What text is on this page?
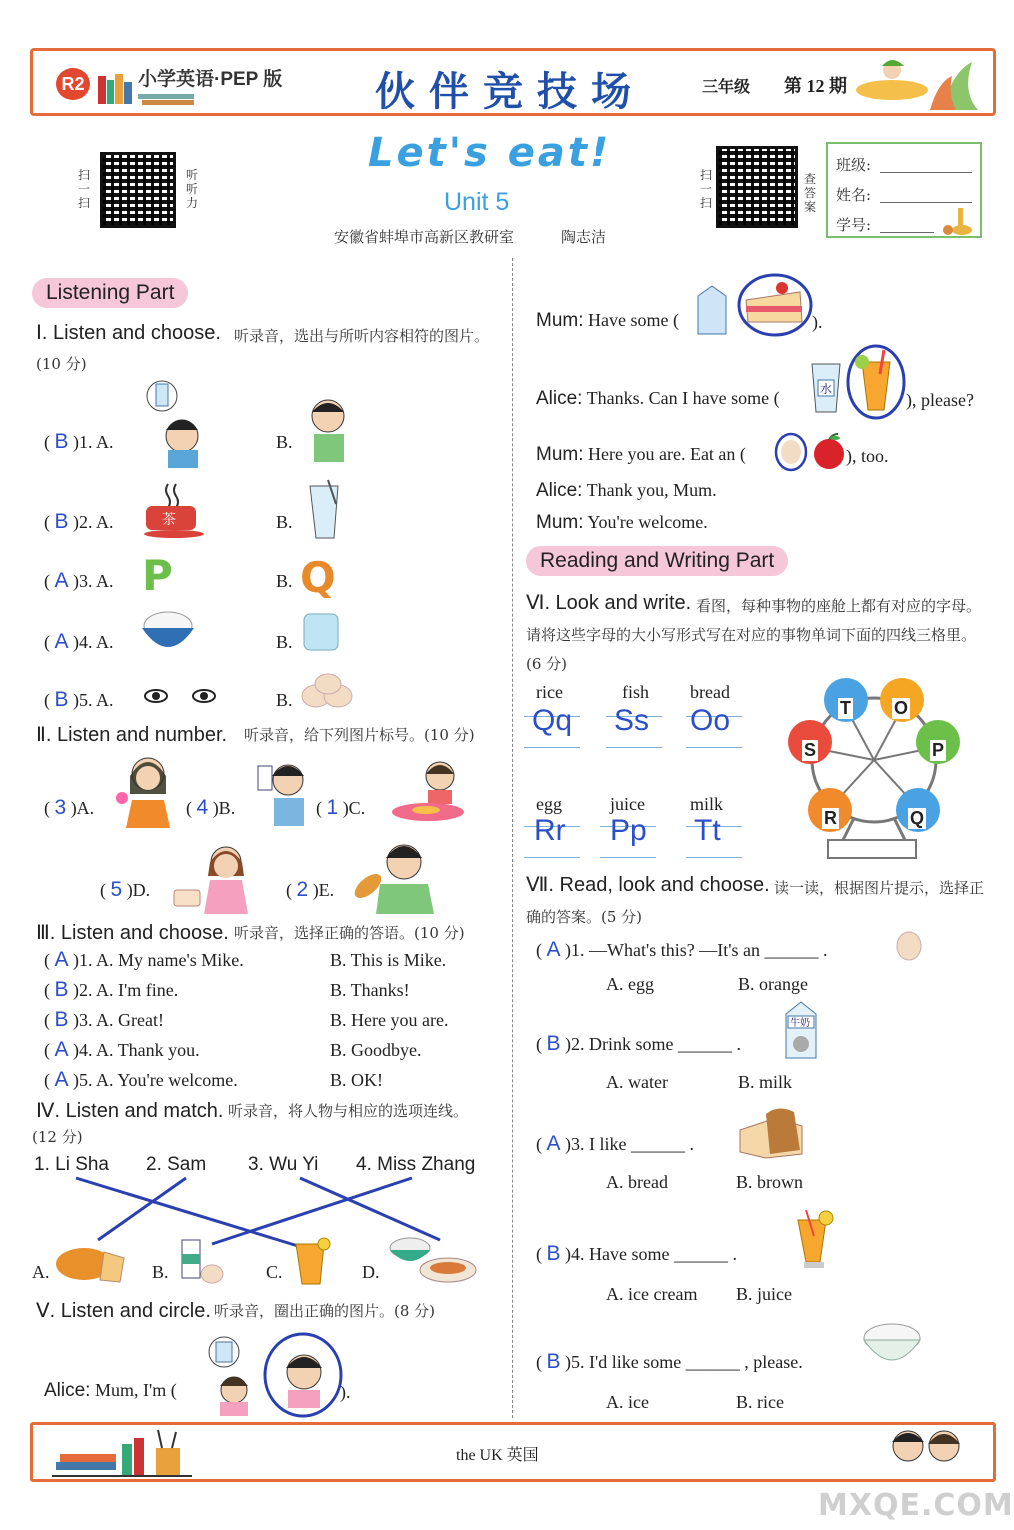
R2	小学英语·PEP 版 伙伴竞技场	三年级 第 12 期
扫一扫
听听力
Let's eat!
Unit 5
安徽省蚌埠市高新区教研室	陶志洁
扫一扫
查答案
班级:
姓名:
学号:
Listening Part
Ⅰ. Listen and choose. 听录音，选出与所听内容相符的图片。(10 分)
( B )1. A.	B.
( B )2. A.	B.
茶
( A )3. A.	B.
P	Q
( A )4. A.	B.
( B )5. A.	B.
Ⅱ. Listen and number. 听录音，给下列图片标号。(10 分)
( 3 )A.	( 4 )B.	( 1 )C.
( 5 )D.	( 2 )E.
Ⅲ. Listen and choose. 听录音，选择正确的答语。(10 分)
( A )1. A. My name's Mike.	B. This is Mike.
( B )2. A. I'm fine.	B. Thanks!
( B )3. A. Great!	B. Here you are.
( A )4. A. Thank you.	B. Goodbye.
( A )5. A. You're welcome.	B. OK!
Ⅳ. Listen and match. 听录音，将人物与相应的选项连线。
(12 分)
1. Li Sha 2. Sam 3. Wu Yi 4. Miss Zhang
A.	B.	C.	D.
Ⅴ. Listen and circle. 听录音，圈出正确的图片。(8 分)
Alice: Mum, I'm (	).
Mum: Have some (	).
Alice: Thanks. Can I have some (	水
), please?
Mum: Here you are. Eat an (	), too.
Alice: Thank you, Mum.
Mum: You're welcome.
Reading and Writing Part
Ⅵ. Look and write. 看图，每种事物的座舱上都有对应的字母。请将这些字母的大小写形式写在对应的事物单词下面的四线三格里。(6 分)
rice	fish bread
Qq Ss Oo
egg	juice	milk
Rr Pp Tt
T O
S	P
R	Q
Ⅶ. Read, look and choose. 读一读，根据图片提示，选择正确的答案。(5 分)
( A )1. —What's this? —It's an ______ .
A. egg	B. orange
( B )2. Drink some ______ .
A. water	B. milk
牛奶
( A )3. I like ______ .
A. bread	B. brown
( B )4. Have some ______ .
A. ice cream B. juice
( B )5. I'd like some ______ , please.
A. ice	B. rice
the UK 英国
MXQE.COM
